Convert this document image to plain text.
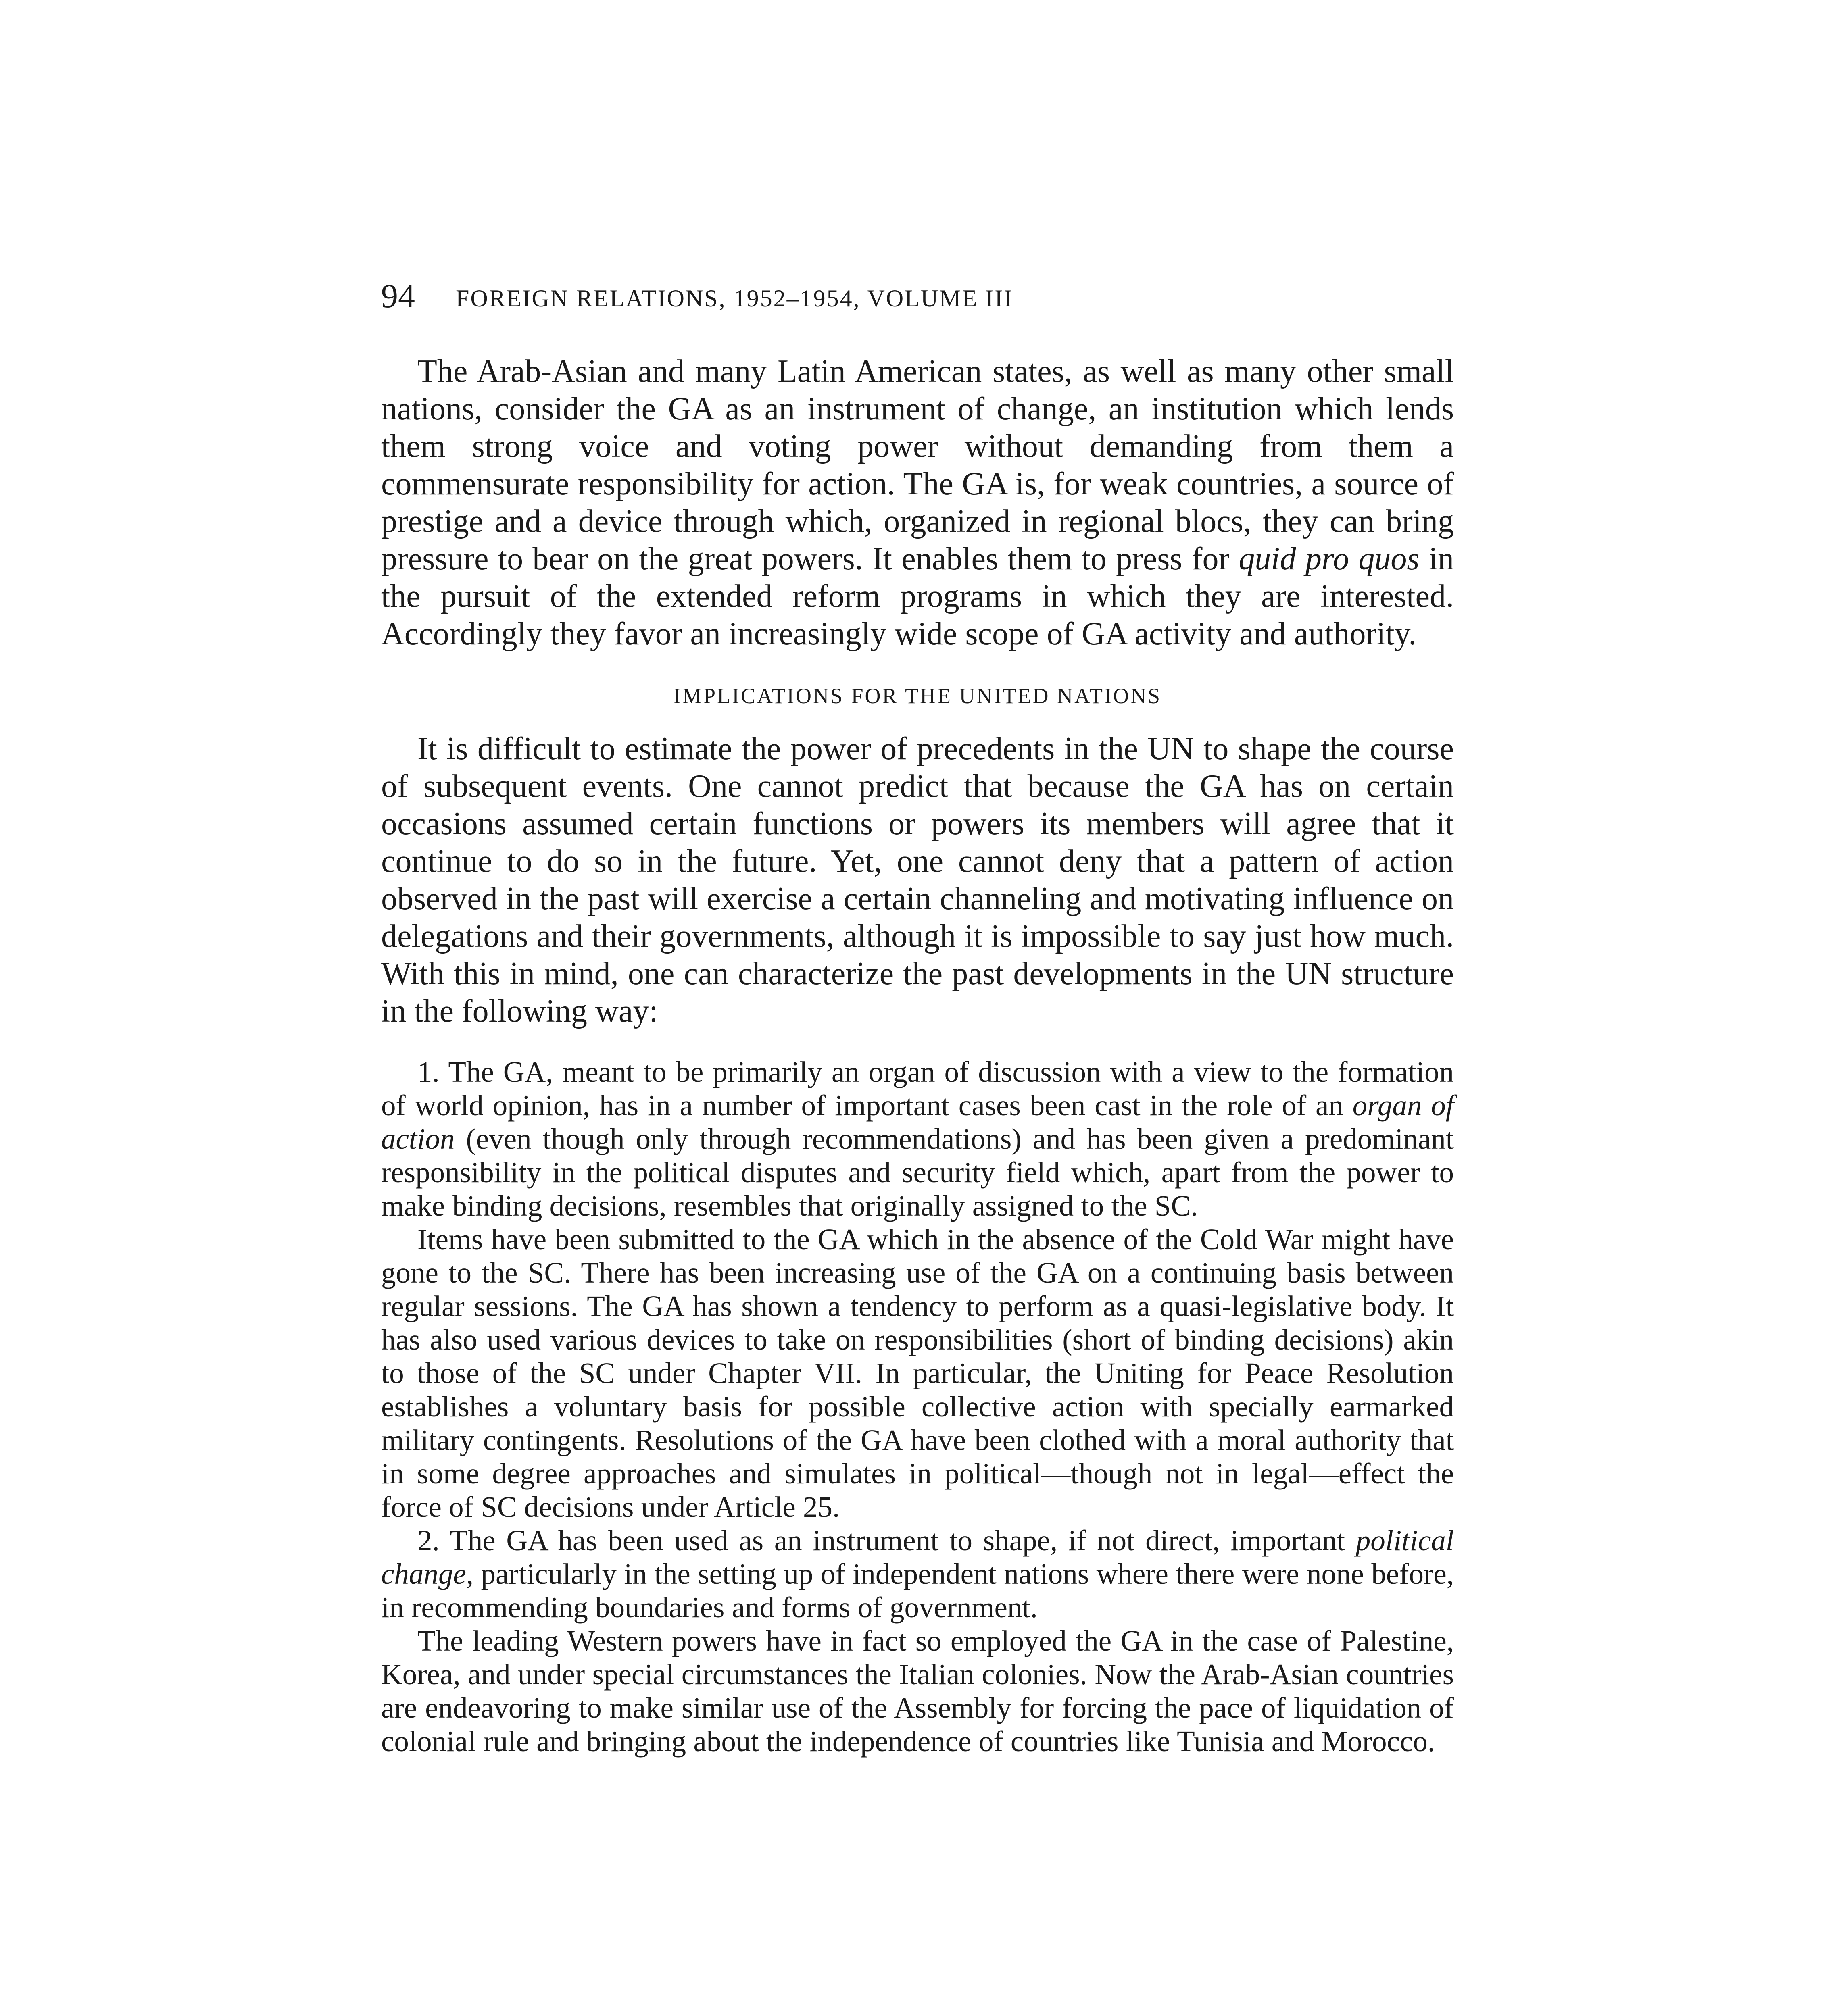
94 FOREIGN RELATIONS, 1952–1954, VOLUME III

The Arab-Asian and many Latin American states, as well as many other small nations, consider the GA as an instrument of change, an institution which lends them strong voice and voting power without demanding from them a commensurate responsibility for action. The GA is, for weak countries, a source of prestige and a device through which, organized in regional blocs, they can bring pressure to bear on the great powers. It enables them to press for quid pro quos in the pursuit of the extended reform programs in which they are interested. Accordingly they favor an increasingly wide scope of GA activity and authority.

IMPLICATIONS FOR THE UNITED NATIONS

It is difficult to estimate the power of precedents in the UN to shape the course of subsequent events. One cannot predict that because the GA has on certain occasions assumed certain functions or powers its members will agree that it continue to do so in the future. Yet, one cannot deny that a pattern of action observed in the past will exercise a certain channeling and motivating influence on delegations and their governments, although it is impossible to say just how much. With this in mind, one can characterize the past developments in the UN structure in the following way:

1. The GA, meant to be primarily an organ of discussion with a view to the formation of world opinion, has in a number of important cases been cast in the role of an organ of action (even though only through recommendations) and has been given a predominant responsibility in the political disputes and security field which, apart from the power to make binding decisions, resembles that originally assigned to the SC.

Items have been submitted to the GA which in the absence of the Cold War might have gone to the SC. There has been increasing use of the GA on a continuing basis between regular sessions. The GA has shown a tendency to perform as a quasi-legislative body. It has also used various devices to take on responsibilities (short of binding decisions) akin to those of the SC under Chapter VII. In particular, the Uniting for Peace Resolution establishes a voluntary basis for possible collective action with specially earmarked military contingents. Resolutions of the GA have been clothed with a moral authority that in some degree approaches and simulates in political—though not in legal—effect the force of SC decisions under Article 25.

2. The GA has been used as an instrument to shape, if not direct, important political change, particularly in the setting up of independent nations where there were none before, in recommending boundaries and forms of government.

The leading Western powers have in fact so employed the GA in the case of Palestine, Korea, and under special circumstances the Italian colonies. Now the Arab-Asian countries are endeavoring to make similar use of the Assembly for forcing the pace of liquidation of colonial rule and bringing about the independence of countries like Tunisia and Morocco.
